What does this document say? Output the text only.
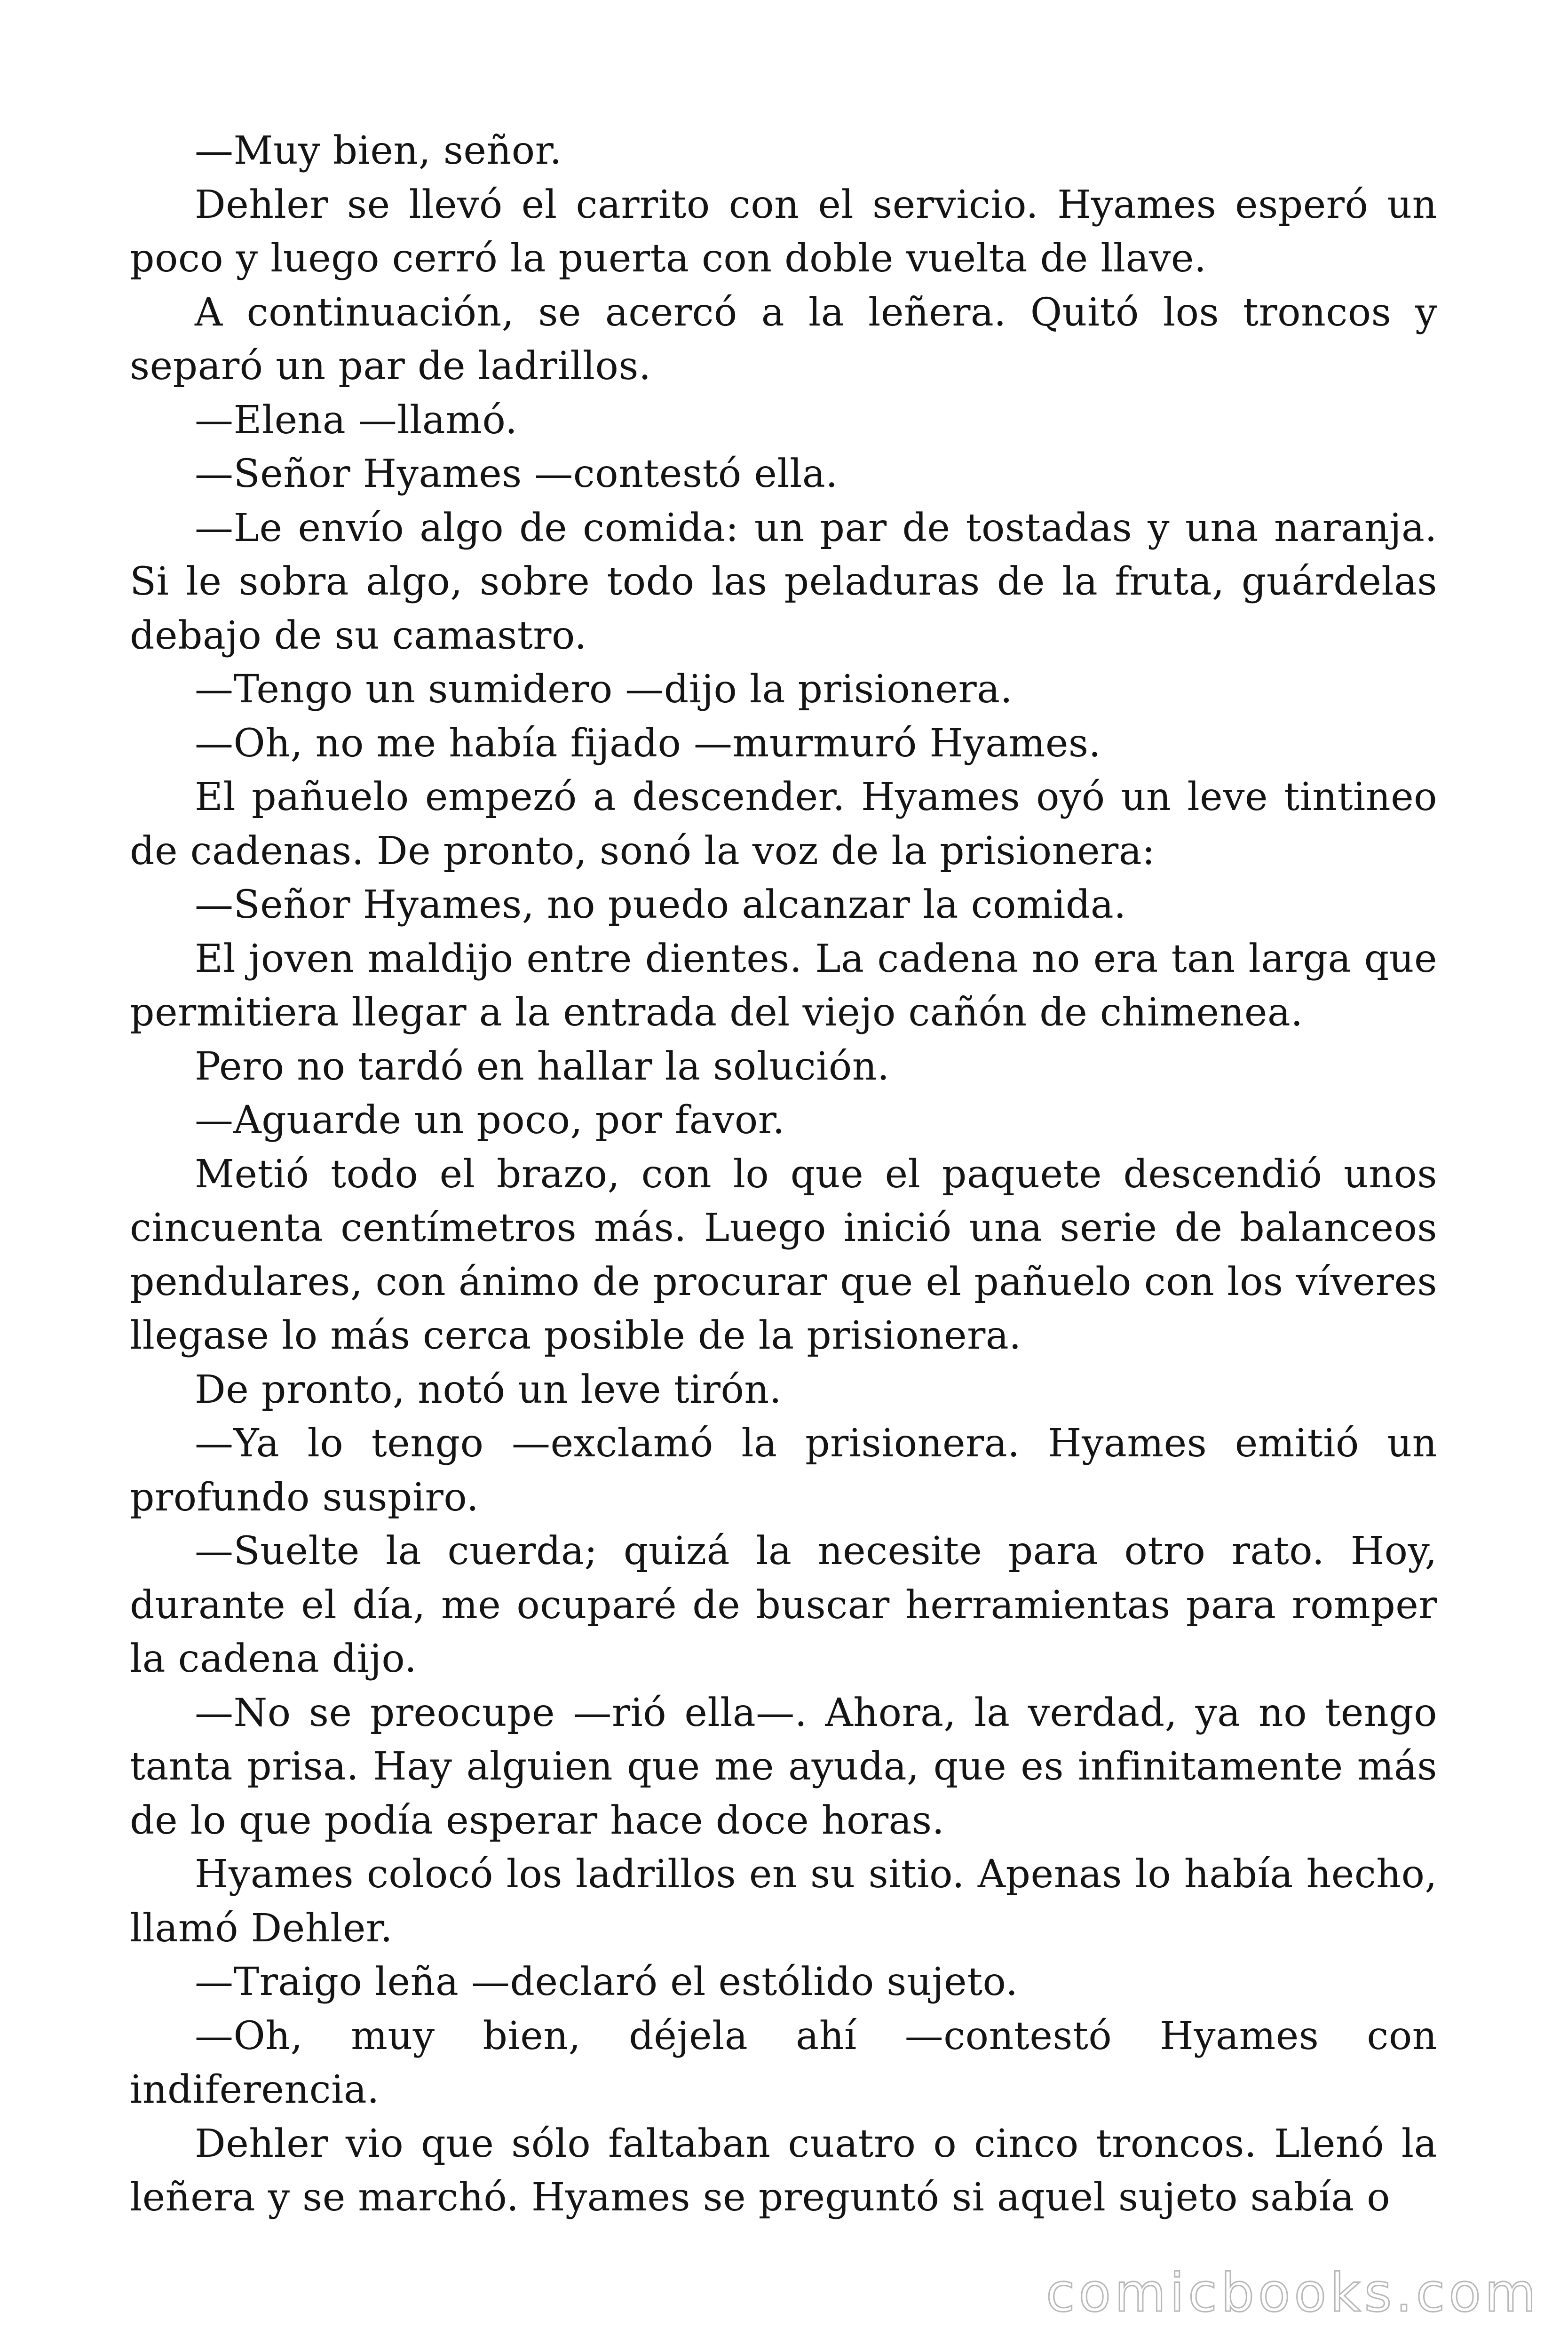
—Muy bien, señor.

Dehler se llevó el carrito con el servicio. Hyames esperó un poco y luego cerró la puerta con doble vuelta de llave.

A continuación, se acercó a la leñera. Quitó los troncos y separó un par de ladrillos.

—Elena —llamó.

—Señor Hyames —contestó ella.

—Le envío algo de comida: un par de tostadas y una naranja. Si le sobra algo, sobre todo las peladuras de la fruta, guárdelas debajo de su camastro.

—Tengo un sumidero —dijo la prisionera.

—Oh, no me había fijado —murmuró Hyames.

El pañuelo empezó a descender. Hyames oyó un leve tintineo de cadenas. De pronto, sonó la voz de la prisionera:

—Señor Hyames, no puedo alcanzar la comida.

El joven maldijo entre dientes. La cadena no era tan larga que permitiera llegar a la entrada del viejo cañón de chimenea.

Pero no tardó en hallar la solución.

—Aguarde un poco, por favor.

Metió todo el brazo, con lo que el paquete descendió unos cincuenta centímetros más. Luego inició una serie de balanceos pendulares, con ánimo de procurar que el pañuelo con los víveres llegase lo más cerca posible de la prisionera.

De pronto, notó un leve tirón.

—Ya lo tengo —exclamó la prisionera. Hyames emitió un profundo suspiro.

—Suelte la cuerda; quizá la necesite para otro rato. Hoy, durante el día, me ocuparé de buscar herramientas para romper la cadena dijo.

—No se preocupe —rió ella—. Ahora, la verdad, ya no tengo tanta prisa. Hay alguien que me ayuda, que es infinitamente más de lo que podía esperar hace doce horas.

Hyames colocó los ladrillos en su sitio. Apenas lo había hecho, llamó Dehler.

—Traigo leña —declaró el estólido sujeto.

—Oh, muy bien, déjela ahí —contestó Hyames con indiferencia.

Dehler vio que sólo faltaban cuatro o cinco troncos. Llenó la leñera y se marchó. Hyames se preguntó si aquel sujeto sabía o

comicbooks.com
